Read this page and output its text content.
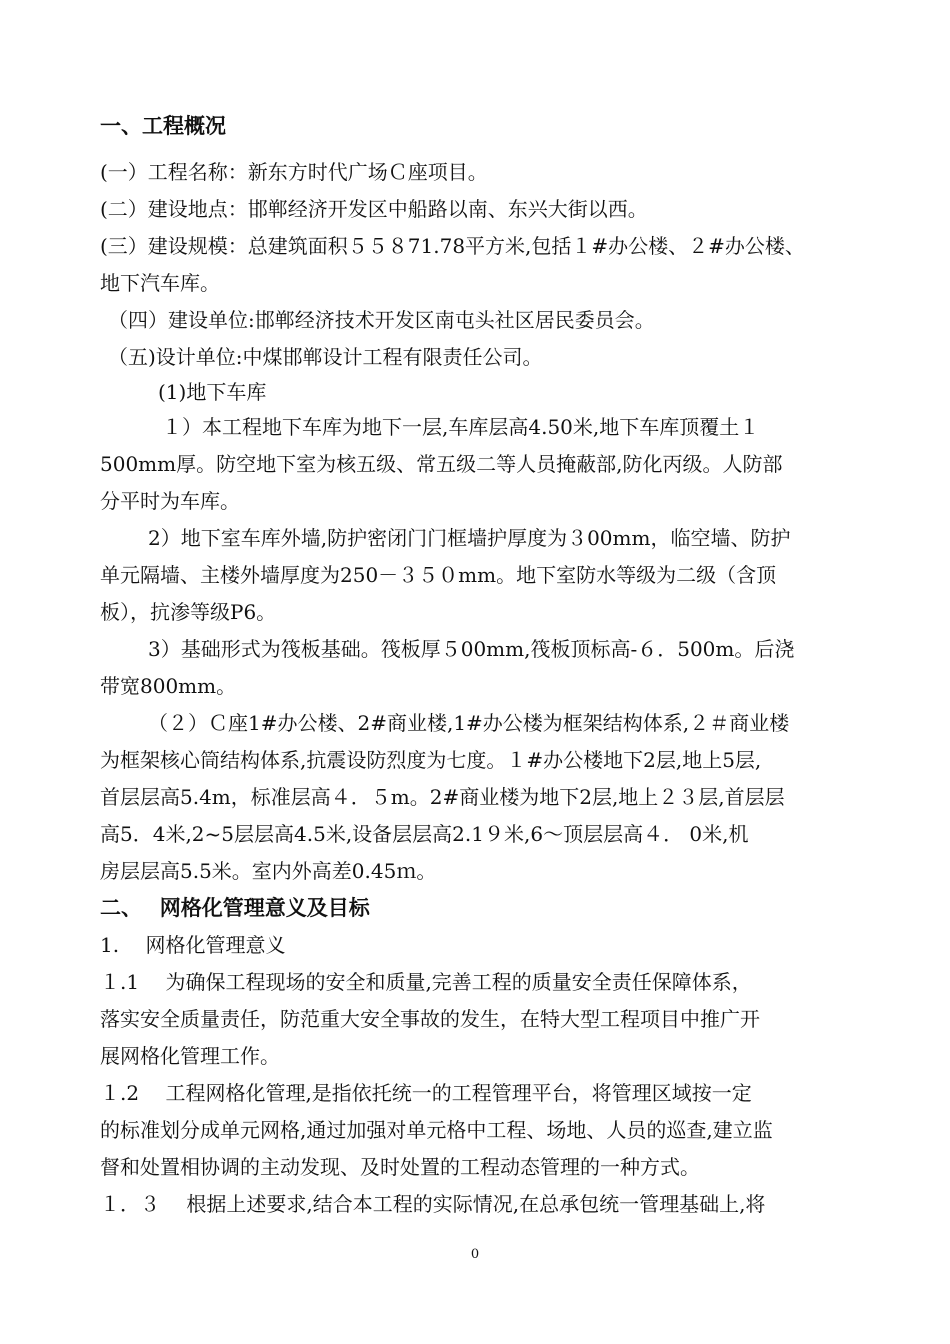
一、工程概况
(一）工程名称：新东方时代广场Ｃ座项目。
(二）建设地点：邯郸经济开发区中船路以南、东兴大街以西。
(三）建设规模：总建筑面积５５８71.78平方米,包括１#办公楼、２#办公楼、
地下汽车库。
（四）建设单位:邯郸经济技术开发区南屯头社区居民委员会。
（五)设计单位:中煤邯郸设计工程有限责任公司。
(1)地下车库
１）本工程地下车库为地下一层,车库层高4.50米,地下车库顶覆土１
500mm厚。防空地下室为核五级、常五级二等人员掩蔽部,防化丙级。人防部
分平时为车库。
2）地下室车库外墙,防护密闭门门框墙护厚度为３00mm，临空墙、防护
单元隔墙、主楼外墙厚度为250－３５０mm。地下室防水等级为二级（含顶
板），抗渗等级P6。
3）基础形式为筏板基础。筏板厚５00mm,筏板顶标高-６．500m。后浇
带宽800mm。
（２）Ｃ座1#办公楼、2#商业楼,1#办公楼为框架结构体系,２＃商业楼
为框架核心筒结构体系,抗震设防烈度为七度。１#办公楼地下2层,地上5层,
首层层高5.4m，标准层高４．５m。2#商业楼为地下2层,地上２３层,首层层
高5．4米,2~5层层高4.5米,设备层层高2.1９米,6～顶层层高４． 0米,机
房层层高5.5米。室内外高差0.45ｍ。
二、　 网格化管理意义及目标
1.　 网格化管理意义
１.1　 为确保工程现场的安全和质量,完善工程的质量安全责任保障体系，
落实安全质量责任，防范重大安全事故的发生，在特大型工程项目中推广开
展网格化管理工作。
１.2　 工程网格化管理,是指依托统一的工程管理平台，将管理区域按一定
的标准划分成单元网格,通过加强对单元格中工程、场地、人员的巡查,建立监
督和处置相协调的主动发现、及时处置的工程动态管理的一种方式。
１．３　 根据上述要求,结合本工程的实际情况,在总承包统一管理基础上,将
0
